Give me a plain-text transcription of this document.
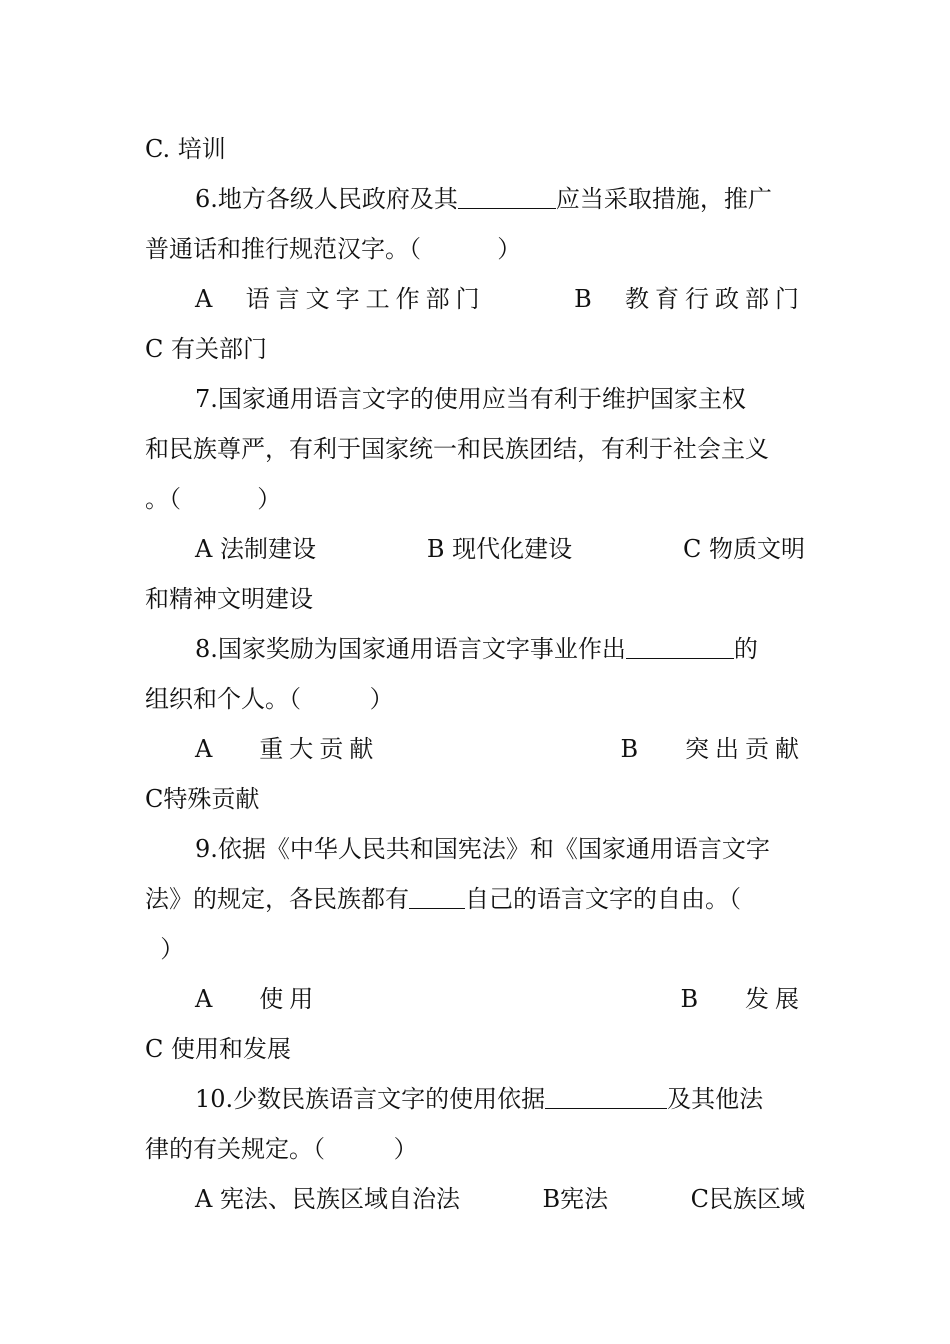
C. 培训

6.地方各级人民政府及其	应当采取措施，推广

普通话和推行规范汉字。（          ）

A  语言文字工作部门	B  教育行政部门

C 有关部门

7.国家通用语言文字的使用应当有利于维护国家主权

和民族尊严，有利于国家统一和民族团结，有利于社会主义

。（          ）

A 法制建设	B 现代化建设	C 物质文明

和精神文明建设

8.国家奖励为国家通用语言文字事业作出	的

组织和个人。（         ）

A   重大贡献	B   突出贡献

C特殊贡献

9.依据《中华人民共和国宪法》和《国家通用语言文字

法》的规定，各民族都有 自己的语言文字的自由。（

）

A   使用	B   发展

C 使用和发展

10.少数民族语言文字的使用依据	及其他法

律的有关规定。（         ）

A 宪法、民族区域自治法	B宪法	C民族区域
